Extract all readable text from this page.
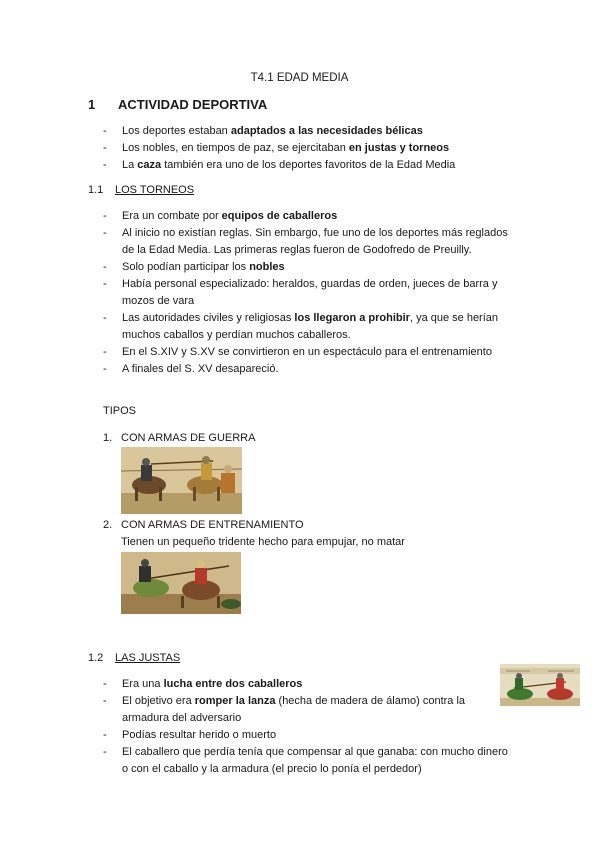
T4.1 EDAD MEDIA
1 ACTIVIDAD DEPORTIVA
- Los deportes estaban adaptados a las necesidades bélicas
- Los nobles, en tiempos de paz, se ejercitaban en justas y torneos
- La caza también era uno de los deportes favoritos de la Edad Media
1.1 LOS TORNEOS
- Era un combate por equipos de caballeros
- Al inicio no existían reglas. Sin embargo, fue uno de los deportes más reglados de la Edad Media. Las primeras reglas fueron de Godofredo de Preuilly.
- Solo podían participar los nobles
- Había personal especializado: heraldos, guardas de orden, jueces de barra y mozos de vara
- Las autoridades civiles y religiosas los llegaron a prohibir, ya que se herían muchos caballos y perdían muchos caballeros.
- En el S.XIV y S.XV se convirtieron en un espectáculo para el entrenamiento
- A finales del S. XV desapareció.
TIPOS
1. CON ARMAS DE GUERRA
2. CON ARMAS DE ENTRENAMIENTO
Tienen un pequeño tridente hecho para empujar, no matar
1.2 LAS JUSTAS
- Era una lucha entre dos caballeros
- El objetivo era romper la lanza (hecha de madera de álamo) contra la armadura del adversario
- Podías resultar herido o muerto
- El caballero que perdía tenía que compensar al que ganaba: con mucho dinero o con el caballo y la armadura (el precio lo ponía el perdedor)
